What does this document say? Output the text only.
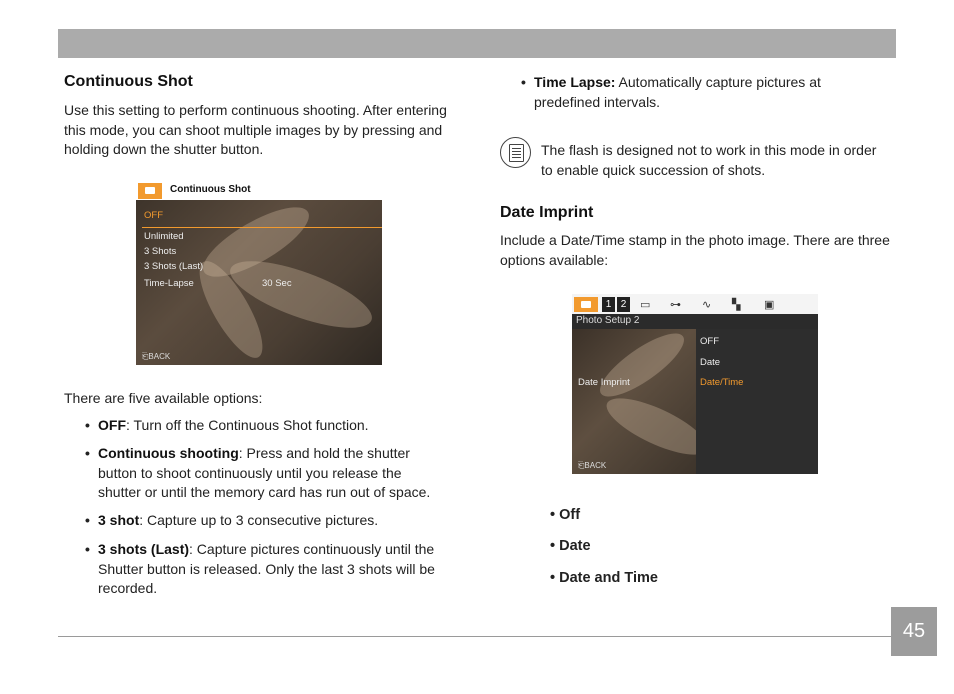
Continuous Shot
Use this setting to perform continuous shooting. After entering
this mode, you can shoot multiple images by by pressing and
holding down the shutter button.
Continuous Shot
OFF
Unlimited
3 Shots
3 Shots (Last)
Time-Lapse	30 Sec
⎗BACK
There are five available options:
• OFF: Turn off the Continuous Shot function.
• Continuous shooting: Press and hold the shutter
button to shoot continuously until you release the
shutter or until the memory card has run out of space.
• 3 shot: Capture up to 3 consecutive pictures.
• 3 shots (Last): Capture pictures continuously until the
Shutter button is released. Only the last 3 shots will be
recorded.
• Time Lapse: Automatically capture pictures at
predefined intervals.
The flash is designed not to work in this mode in order
to enable quick succession of shots.
Date Imprint
Include a Date/Time stamp in the photo image. There are three
options available:
1 2	▭ ⊶ ∿ ▚ ▣
Photo Setup 2
Date Imprint
OFF
Date
Date/Time
⎗BACK
• Off
• Date
• Date and Time
45
